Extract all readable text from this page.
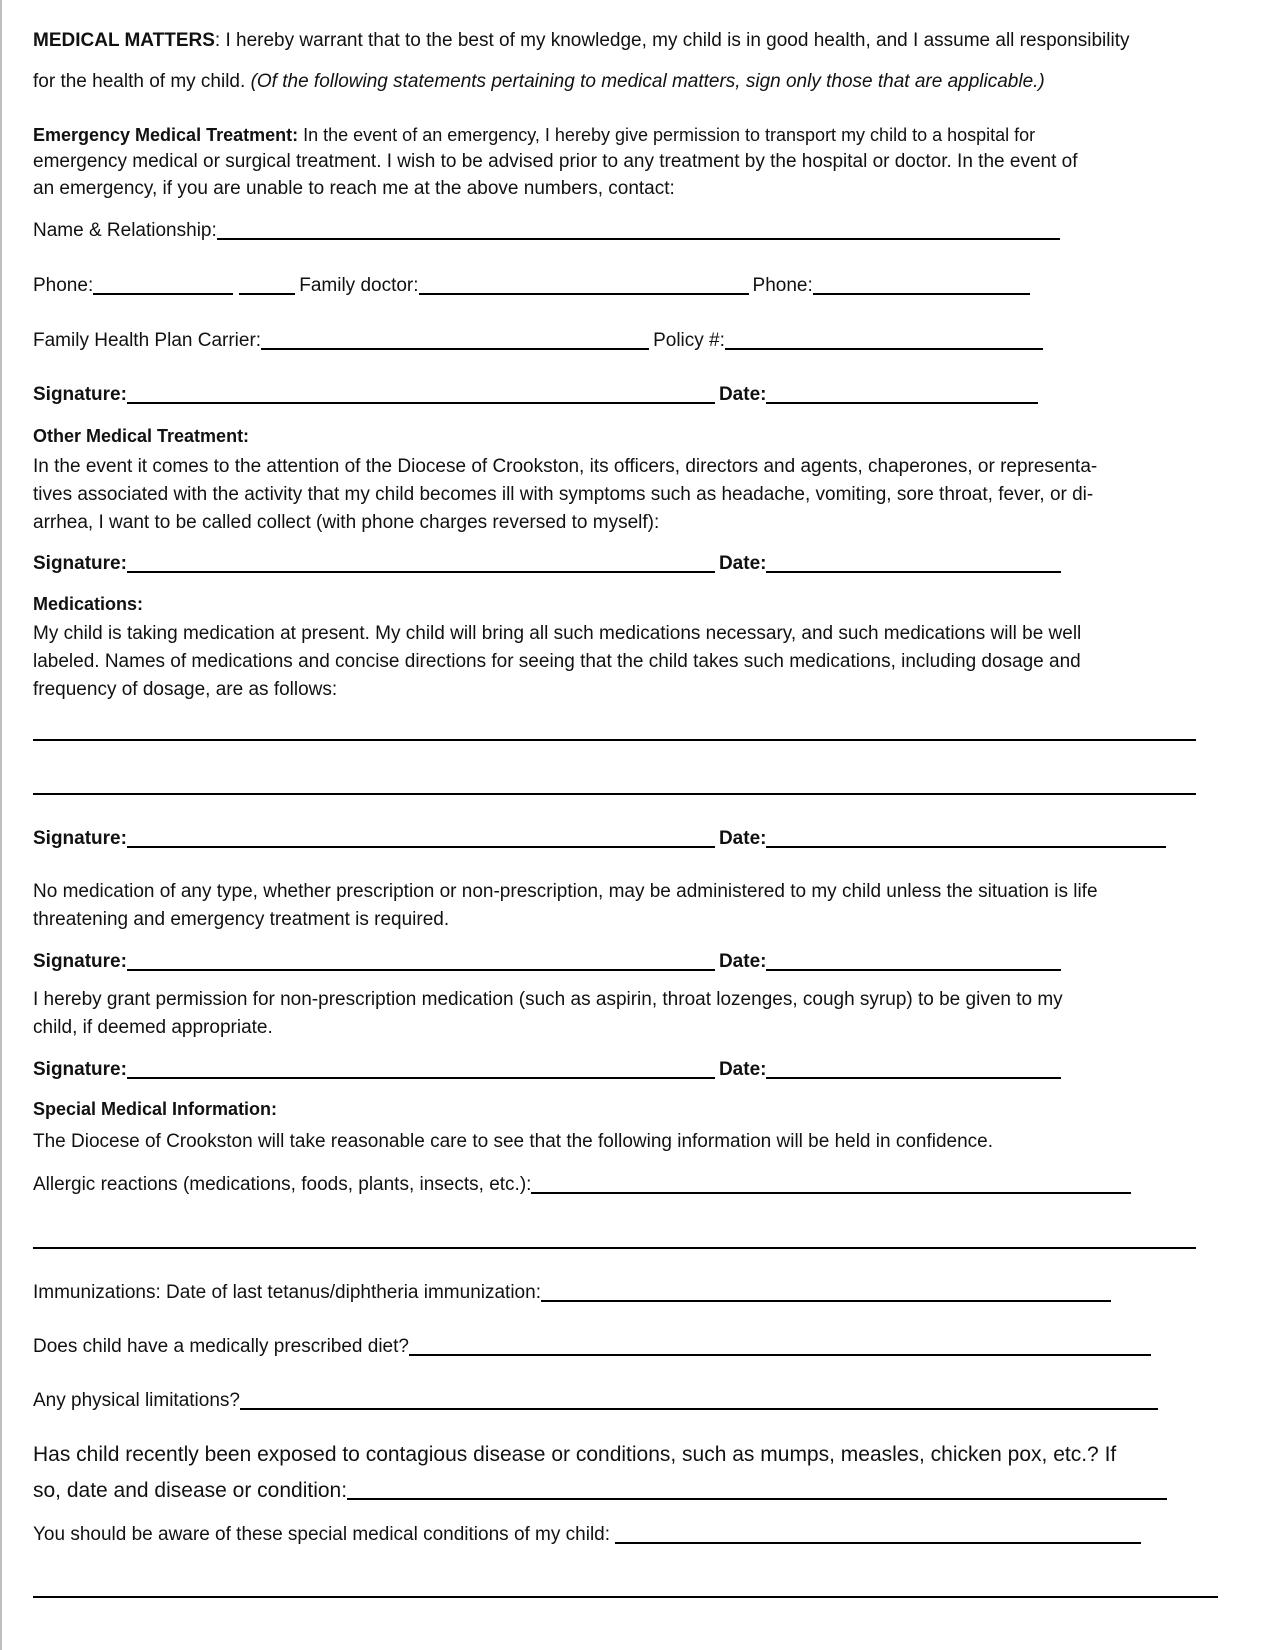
MEDICAL MATTERS: I hereby warrant that to the best of my knowledge, my child is in good health, and I assume all responsibility
for the health of my child. (Of the following statements pertaining to medical matters, sign only those that are applicable.)
Emergency Medical Treatment: In the event of an emergency, I hereby give permission to transport my child to a hospital for
emergency medical or surgical treatment. I wish to be advised prior to any treatment by the hospital or doctor. In the event of
an emergency, if you are unable to reach me at the above numbers, contact:
Name & Relationship:
Phone:	Family doctor:	Phone:
Family Health Plan Carrier:	Policy #:
Signature:	Date:
Other Medical Treatment:
In the event it comes to the attention of the Diocese of Crookston, its officers, directors and agents, chaperones, or representa-
tives associated with the activity that my child becomes ill with symptoms such as headache, vomiting, sore throat, fever, or di-
arrhea, I want to be called collect (with phone charges reversed to myself):
Signature:	Date:
Medications:
My child is taking medication at present. My child will bring all such medications necessary, and such medications will be well
labeled. Names of medications and concise directions for seeing that the child takes such medications, including dosage and
frequency of dosage, are as follows:
Signature:	Date:
No medication of any type, whether prescription or non-prescription, may be administered to my child unless the situation is life
threatening and emergency treatment is required.
Signature:	Date:
I hereby grant permission for non-prescription medication (such as aspirin, throat lozenges, cough syrup) to be given to my
child, if deemed appropriate.
Signature:	Date:
Special Medical Information:
The Diocese of Crookston will take reasonable care to see that the following information will be held in confidence.
Allergic reactions (medications, foods, plants, insects, etc.):
Immunizations: Date of last tetanus/diphtheria immunization:
Does child have a medically prescribed diet?
Any physical limitations?
Has child recently been exposed to contagious disease or conditions, such as mumps, measles, chicken pox, etc.? If
so, date and disease or condition:
You should be aware of these special medical conditions of my child:
